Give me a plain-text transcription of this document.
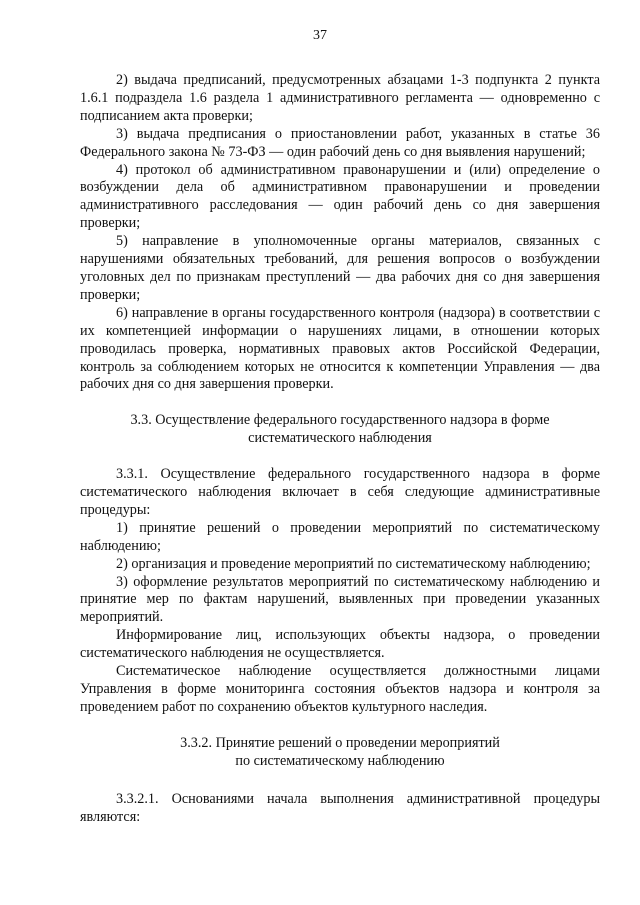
37

2) выдача предписаний, предусмотренных абзацами 1-3 подпункта 2 пункта 1.6.1 подраздела 1.6 раздела 1 административного регламента — одновременно с подписанием акта проверки;

3) выдача предписания о приостановлении работ, указанных в статье 36 Федерального закона № 73-ФЗ — один рабочий день со дня выявления нарушений;

4) протокол об административном правонарушении и (или) определение о возбуждении дела об административном правонарушении и проведении административного расследования — один рабочий день со дня завершения проверки;

5) направление в уполномоченные органы материалов, связанных с нарушениями обязательных требований, для решения вопросов о возбуждении уголовных дел по признакам преступлений — два рабочих дня со дня завершения проверки;

6) направление в органы государственного контроля (надзора) в соответствии с их компетенцией информации о нарушениях лицами, в отношении которых проводилась проверка, нормативных правовых актов Российской Федерации, контроль за соблюдением которых не относится к компетенции Управления — два рабочих дня со дня завершения проверки.

3.3. Осуществление федерального государственного надзора в форме
систематического наблюдения

3.3.1. Осуществление федерального государственного надзора в форме систематического наблюдения включает в себя следующие административные процедуры:

1) принятие решений о проведении мероприятий по систематическому наблюдению;

2) организация и проведение мероприятий по систематическому наблюдению;

3) оформление результатов мероприятий по систематическому наблюдению и принятие мер по фактам нарушений, выявленных при проведении указанных мероприятий.

Информирование лиц, использующих объекты надзора, о проведении систематического наблюдения не осуществляется.

Систематическое наблюдение осуществляется должностными лицами Управления в форме мониторинга состояния объектов надзора и контроля за проведением работ по сохранению объектов культурного наследия.

3.3.2. Принятие решений о проведении мероприятий
по систематическому наблюдению

3.3.2.1. Основаниями начала выполнения административной процедуры являются:
